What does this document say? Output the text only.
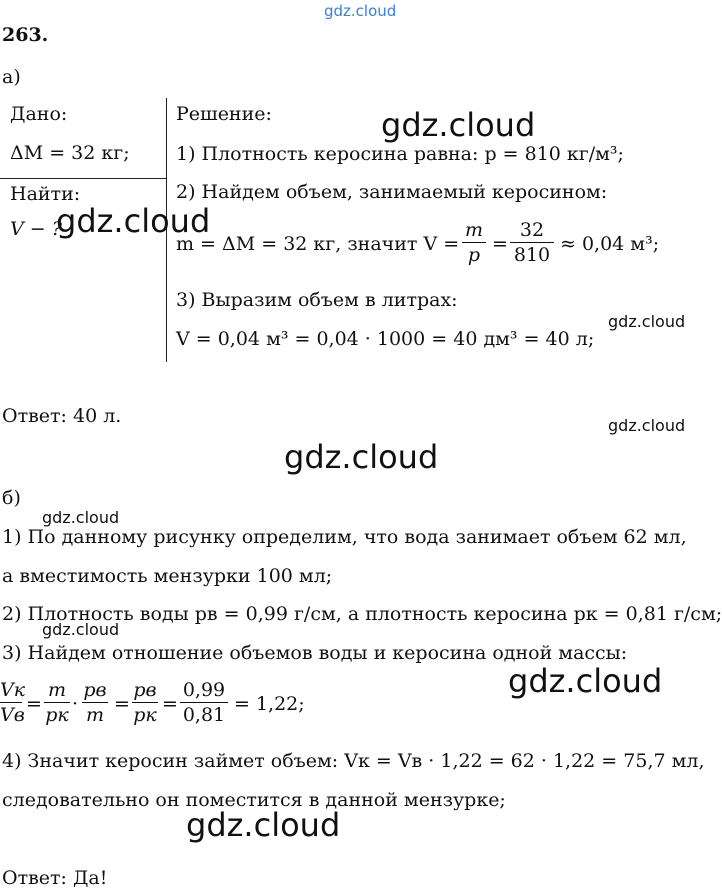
gdz.cloud
263.
а)
Дано:
ΔM = 32 кг;
Найти:
V − ?
Решение:
1) Плотность керосина равна: p = 810 кг/м³;
2) Найдем объем, занимаемый керосином:
m = ΔM = 32 кг, значит V =
m
p =
32
810 ≈ 0,04 м³;
3) Выразим объем в литрах:
V = 0,04 м³ = 0,04 · 1000 = 40 дм³ = 40 л;
Ответ: 40 л.
б)
1) По данному рисунку определим, что вода занимает объем 62 мл,
а вместимость мензурки 100 мл;
2) Плотность воды pв = 0,99 г/см, а плотность керосина pк = 0,81 г/см;
3) Найдем отношение объемов воды и керосина одной массы:
Vк
Vв =
m
pк ·
pв
m =
pв
pк =
0,99
0,81 = 1,22;
4) Значит керосин займет объем: Vк = Vв · 1,22 = 62 · 1,22 = 75,7 мл,
следовательно он поместится в данной мензурке;
Ответ: Да!
gdz.cloud
gdz.cloud
gdz.cloud
gdz.cloud
gdz.cloud
gdz.cloud
gdz.cloud
gdz.cloud
gdz.cloud
